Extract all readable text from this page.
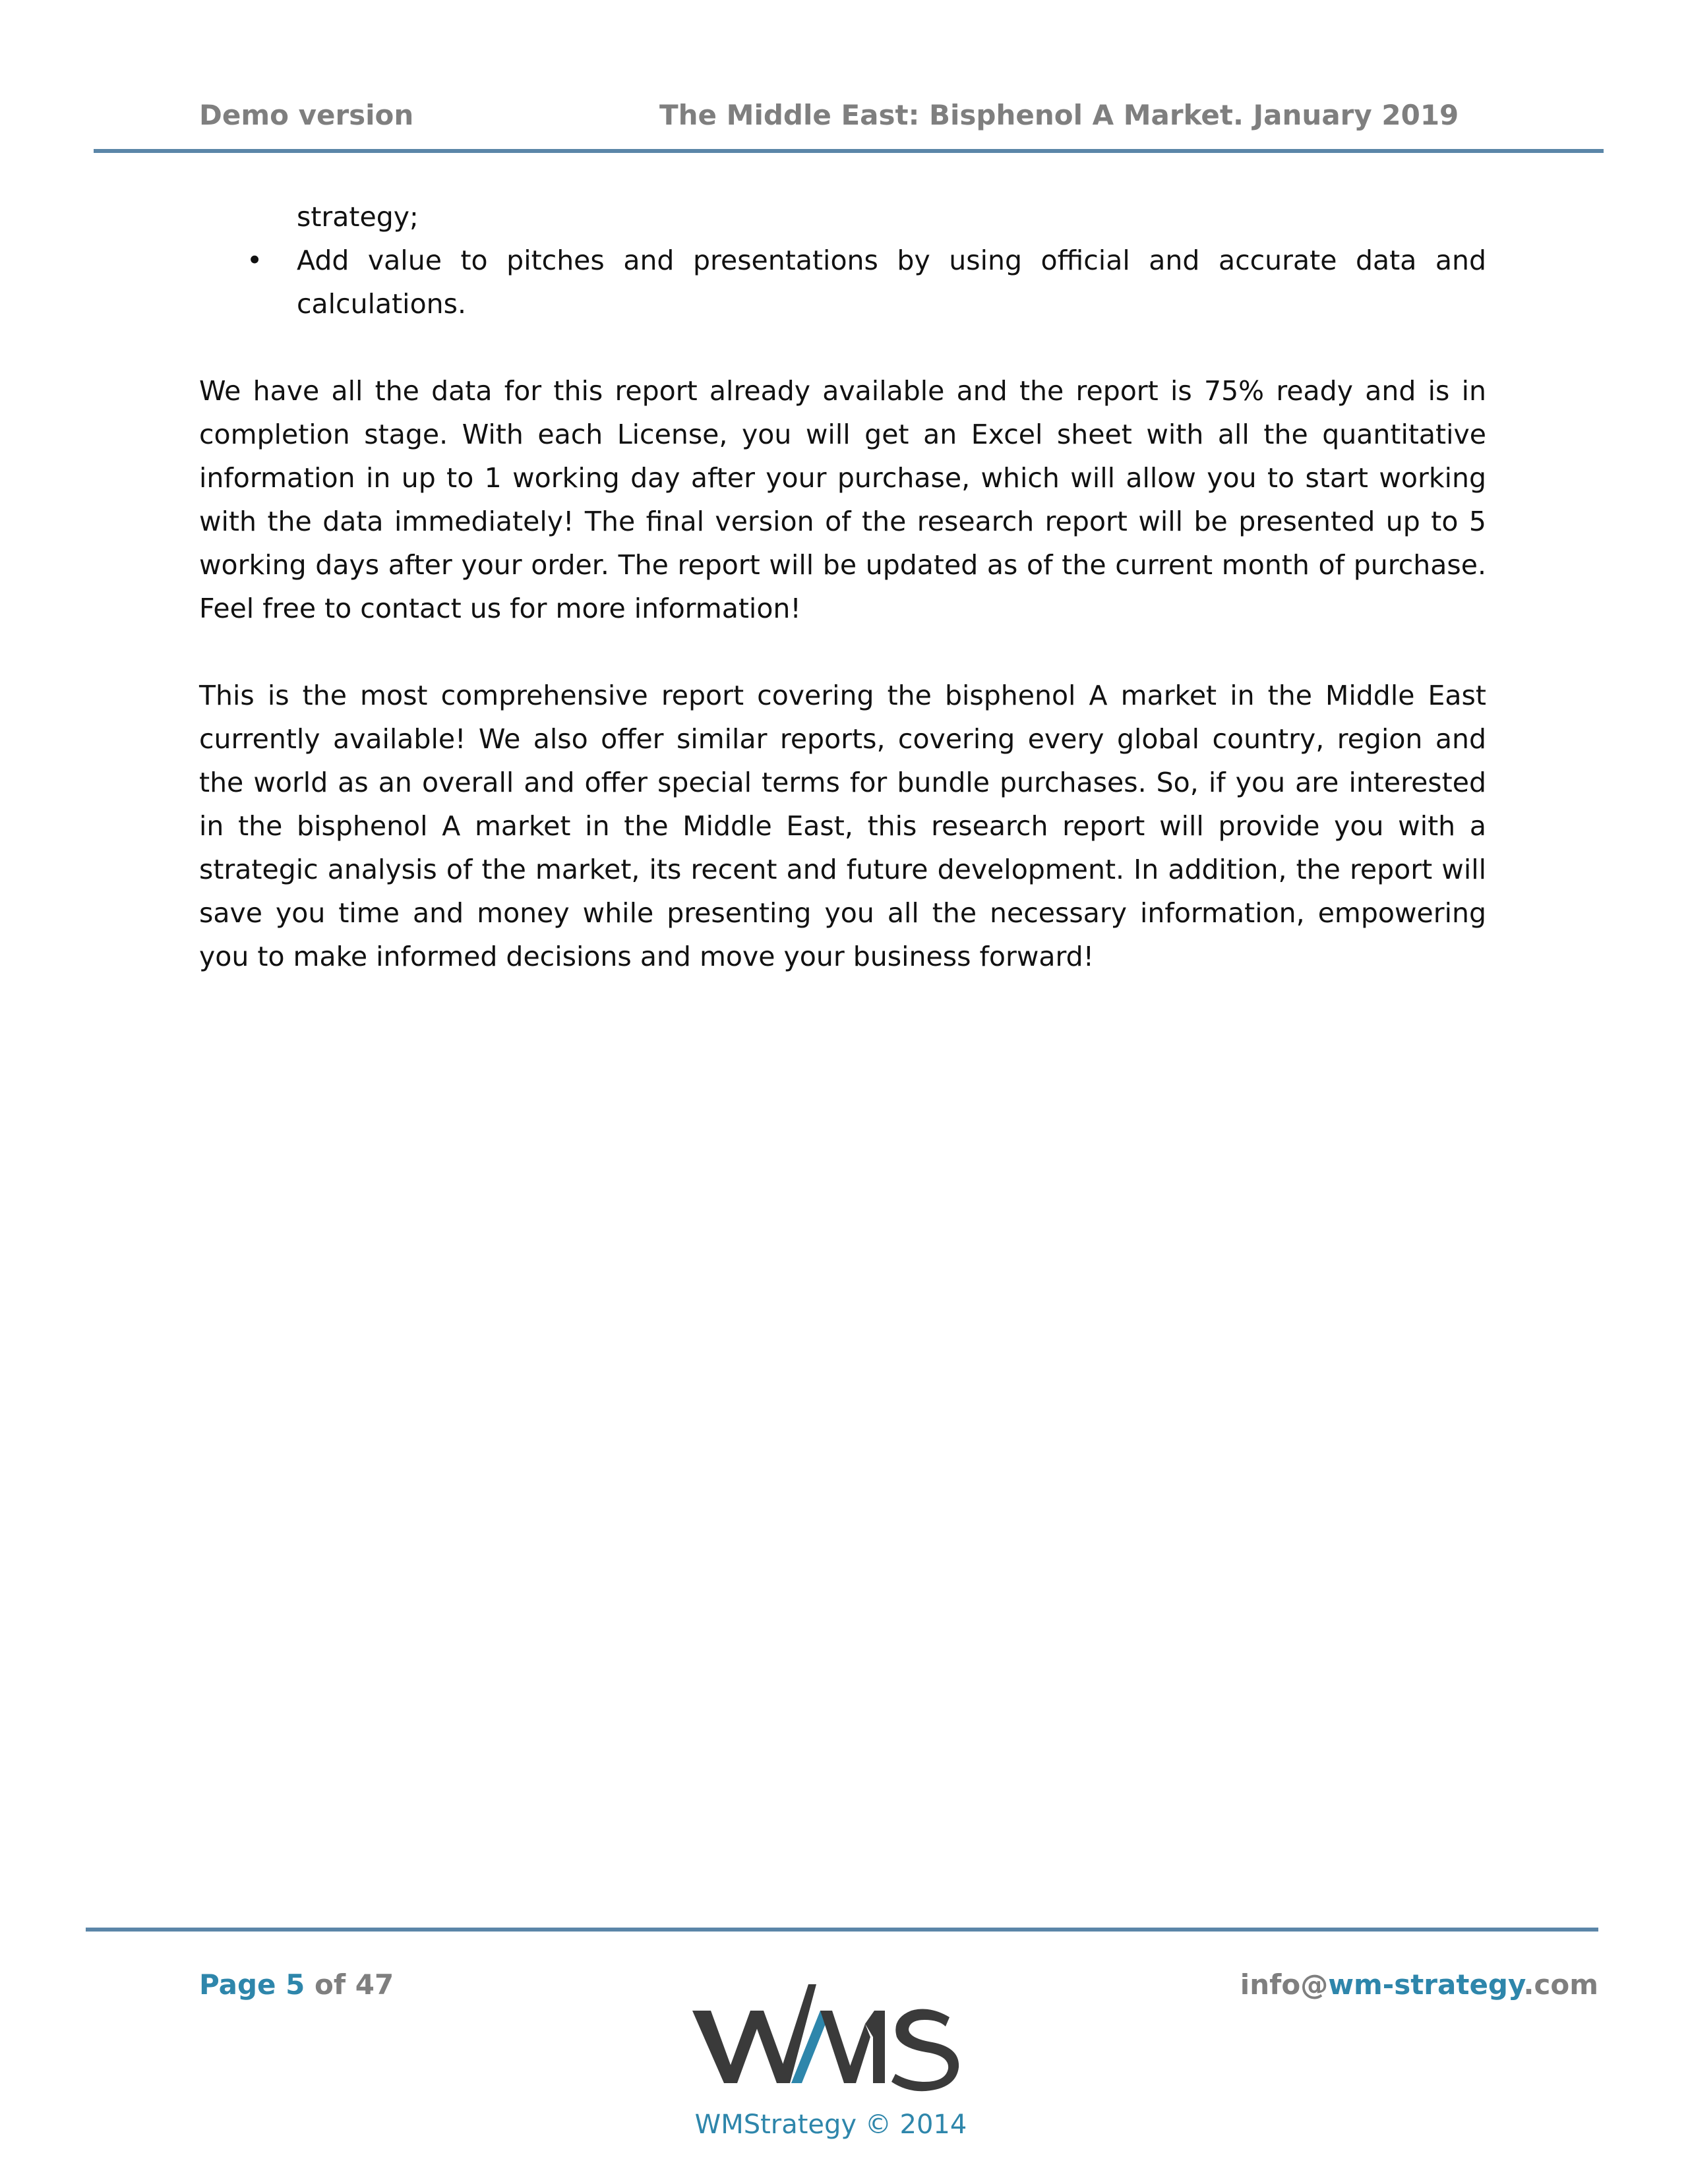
Demo version	The Middle East: Bisphenol A Market. January 2019
strategy;
• Add value to pitches and presentations by using official and accurate data and calculations.

We have all the data for this report already available and the report is 75% ready and is in completion stage. With each License, you will get an Excel sheet with all the quantitative information in up to 1 working day after your purchase, which will allow you to start working with the data immediately! The final version of the research report will be presented up to 5 working days after your order. The report will be updated as of the current month of purchase. Feel free to contact us for more information!

This is the most comprehensive report covering the bisphenol A market in the Middle East currently available! We also offer similar reports, covering every global country, region and the world as an overall and offer special terms for bundle purchases. So, if you are interested in the bisphenol A market in the Middle East, this research report will provide you with a strategic analysis of the market, its recent and future development. In addition, the report will save you time and money while presenting you all the necessary information, empowering you to make informed decisions and move your business forward!

Page 5 of 47
WMStrategy © 2014
info@wm-strategy.com
